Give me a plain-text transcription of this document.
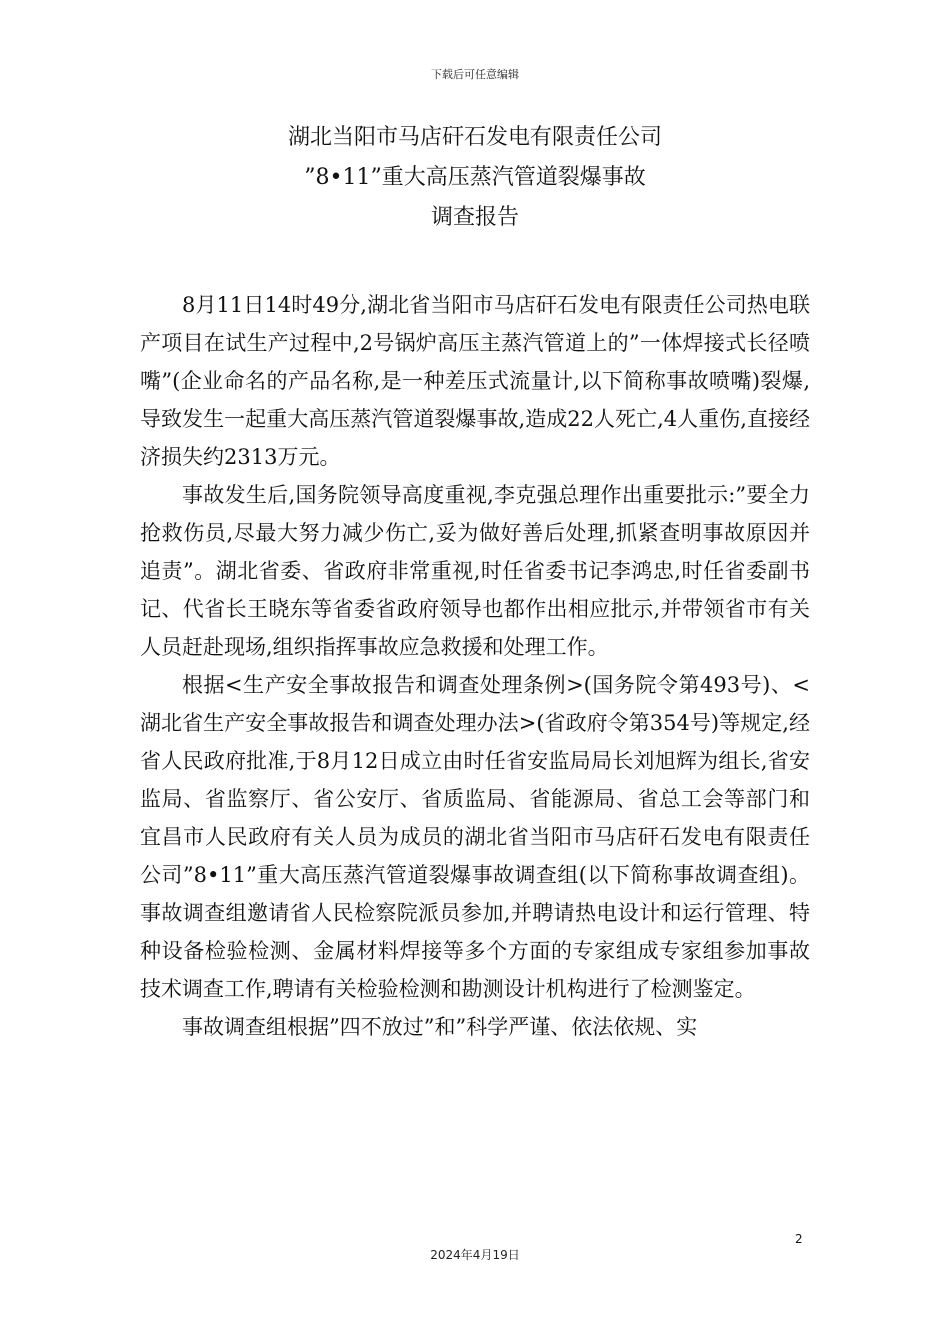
下载后可任意编辑
湖北当阳市马店矸石发电有限责任公司
”8•11”重大高压蒸汽管道裂爆事故
调查报告

8月11日14时49分,湖北省当阳市马店矸石发电有限责任公司热电联产项目在试生产过程中,2号锅炉高压主蒸汽管道上的”一体焊接式长径喷嘴”(企业命名的产品名称,是一种差压式流量计,以下简称事故喷嘴)裂爆,导致发生一起重大高压蒸汽管道裂爆事故,造成22人死亡,4人重伤,直接经济损失约2313万元。

事故发生后,国务院领导高度重视,李克强总理作出重要批示:”要全力抢救伤员,尽最大努力减少伤亡,妥为做好善后处理,抓紧查明事故原因并追责”。湖北省委、省政府非常重视,时任省委书记李鸿忠,时任省委副书记、代省长王晓东等省委省政府领导也都作出相应批示,并带领省市有关人员赶赴现场,组织指挥事故应急救援和处理工作。

根据<生产安全事故报告和调查处理条例>(国务院令第493号)、<湖北省生产安全事故报告和调查处理办法>(省政府令第354号)等规定,经省人民政府批准,于8月12日成立由时任省安监局局长刘旭辉为组长,省安监局、省监察厅、省公安厅、省质监局、省能源局、省总工会等部门和宜昌市人民政府有关人员为成员的湖北省当阳市马店矸石发电有限责任公司”8•11”重大高压蒸汽管道裂爆事故调查组(以下简称事故调查组)。事故调查组邀请省人民检察院派员参加,并聘请热电设计和运行管理、特种设备检验检测、金属材料焊接等多个方面的专家组成专家组参加事故技术调查工作,聘请有关检验检测和勘测设计机构进行了检测鉴定。

事故调查组根据”四不放过”和”科学严谨、依法依规、实

2
2024年4月19日
